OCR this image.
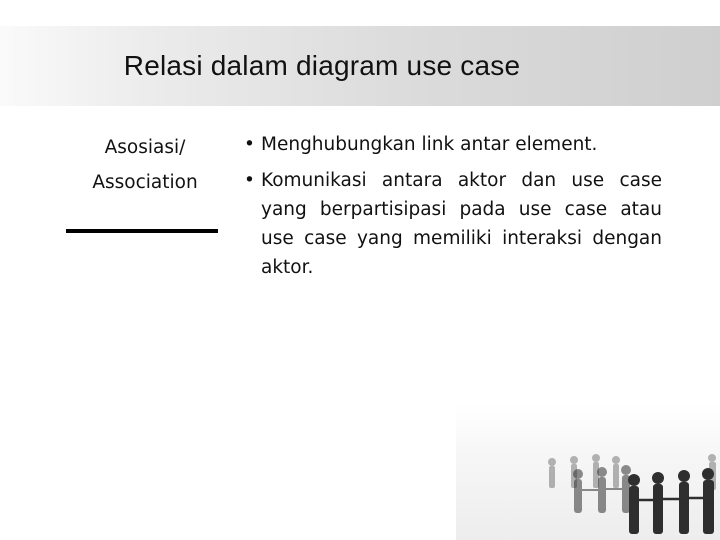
Relasi dalam diagram use case
Asosiasi/
Association
• Menghubungkan link antar element.
• Komunikasi antara aktor dan use case yang berpartisipasi pada use case atau use case yang memiliki interaksi dengan aktor.
